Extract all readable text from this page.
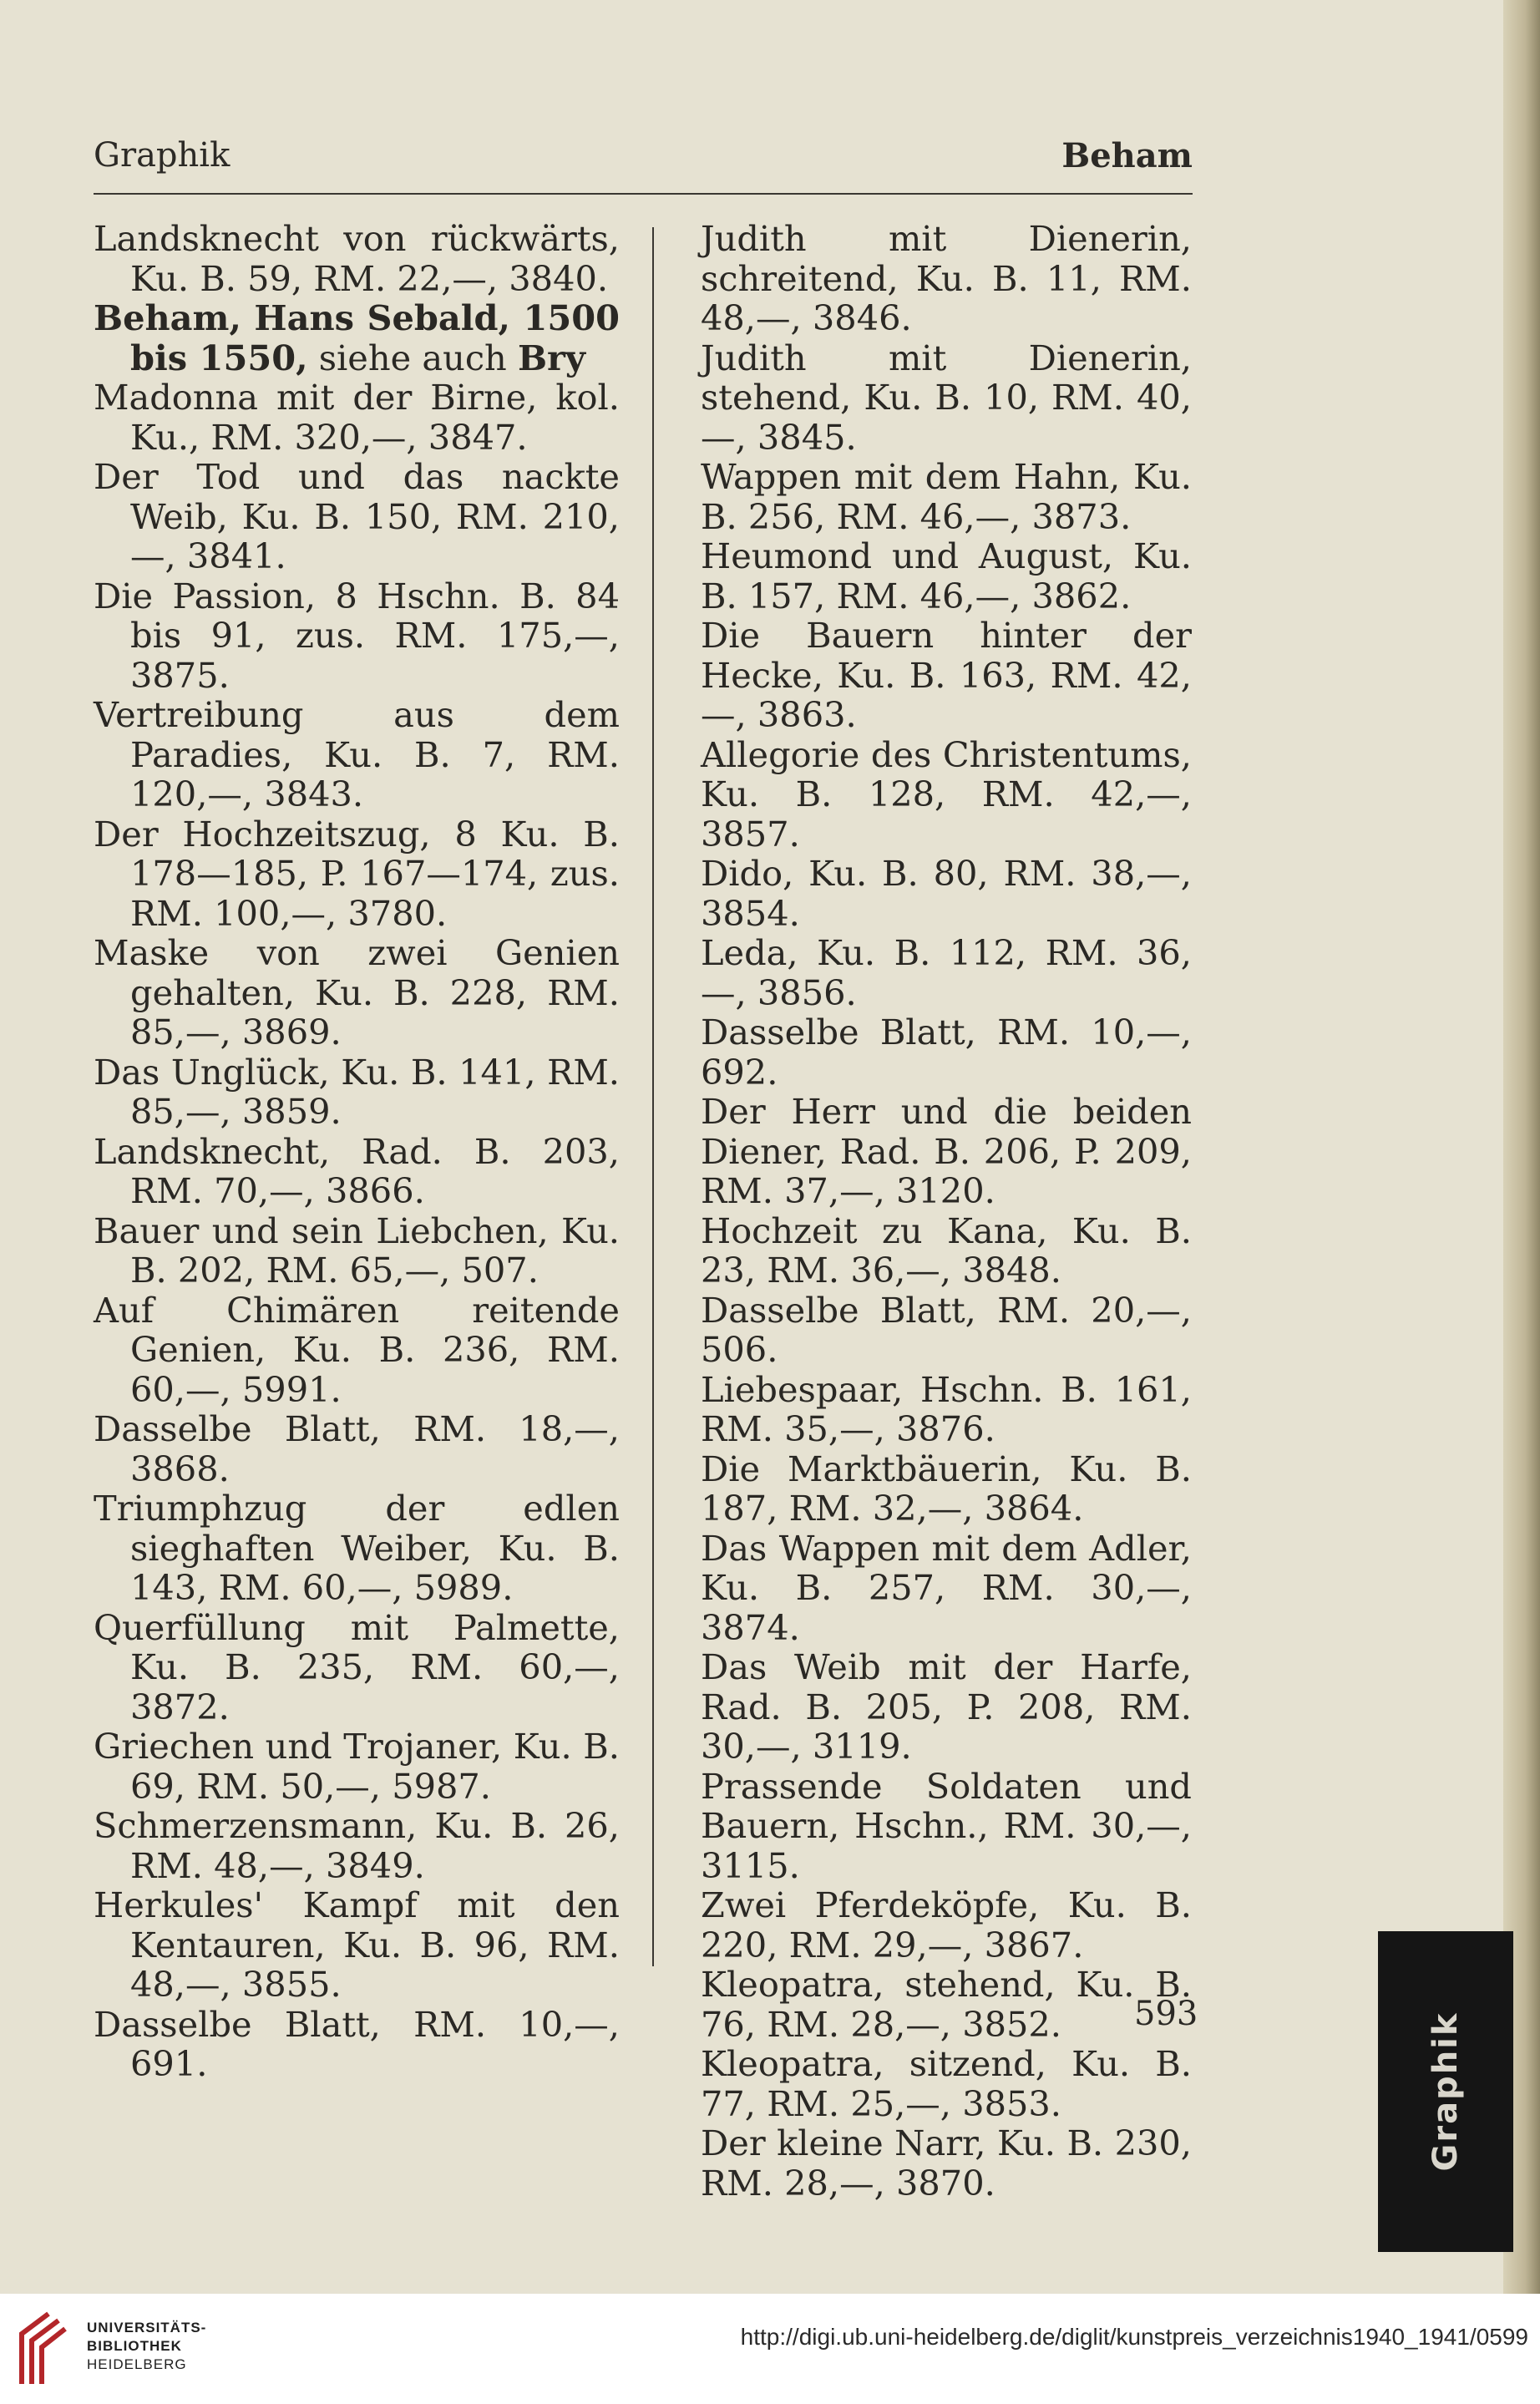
Graphik	Beham

Landsknecht von rückwärts, Ku. B. 59, RM. 22,—, 3840.

Beham, Hans Sebald, 1500 bis 1550, siehe auch Bry

Madonna mit der Birne, kol. Ku., RM. 320,—, 3847.

Der Tod und das nackte Weib, Ku. B. 150, RM. 210,—, 3841.

Die Passion, 8 Hschn. B. 84 bis 91, zus. RM. 175,—, 3875.

Vertreibung aus dem Paradies, Ku. B. 7, RM. 120,—, 3843.

Der Hochzeitszug, 8 Ku. B. 178—185, P. 167—174, zus. RM. 100,—, 3780.

Maske von zwei Genien gehalten, Ku. B. 228, RM. 85,—, 3869.

Das Unglück, Ku. B. 141, RM. 85,—, 3859.

Landsknecht, Rad. B. 203, RM. 70,—, 3866.

Bauer und sein Liebchen, Ku. B. 202, RM. 65,—, 507.

Auf Chimären reitende Genien, Ku. B. 236, RM. 60,—, 5991.

Dasselbe Blatt, RM. 18,—, 3868.

Triumphzug der edlen sieghaften Weiber, Ku. B. 143, RM. 60,—, 5989.

Querfüllung mit Palmette, Ku. B. 235, RM. 60,—, 3872.

Griechen und Trojaner, Ku. B. 69, RM. 50,—, 5987.

Schmerzensmann, Ku. B. 26, RM. 48,—, 3849.

Herkules' Kampf mit den Kentauren, Ku. B. 96, RM. 48,—, 3855.

Dasselbe Blatt, RM. 10,—, 691.

Judith mit Dienerin, schreitend, Ku. B. 11, RM. 48,—, 3846.

Judith mit Dienerin, stehend, Ku. B. 10, RM. 40,—, 3845.

Wappen mit dem Hahn, Ku. B. 256, RM. 46,—, 3873.

Heumond und August, Ku. B. 157, RM. 46,—, 3862.

Die Bauern hinter der Hecke, Ku. B. 163, RM. 42,—, 3863.

Allegorie des Christentums, Ku. B. 128, RM. 42,—, 3857.

Dido, Ku. B. 80, RM. 38,—, 3854.

Leda, Ku. B. 112, RM. 36,—, 3856.

Dasselbe Blatt, RM. 10,—, 692.

Der Herr und die beiden Diener, Rad. B. 206, P. 209, RM. 37,—, 3120.

Hochzeit zu Kana, Ku. B. 23, RM. 36,—, 3848.

Dasselbe Blatt, RM. 20,—, 506.

Liebespaar, Hschn. B. 161, RM. 35,—, 3876.

Die Marktbäuerin, Ku. B. 187, RM. 32,—, 3864.

Das Wappen mit dem Adler, Ku. B. 257, RM. 30,—, 3874.

Das Weib mit der Harfe, Rad. B. 205, P. 208, RM. 30,—, 3119.

Prassende Soldaten und Bauern, Hschn., RM. 30,—, 3115.

Zwei Pferdeköpfe, Ku. B. 220, RM. 29,—, 3867.

Kleopatra, stehend, Ku. B. 76, RM. 28,—, 3852.

Kleopatra, sitzend, Ku. B. 77, RM. 25,—, 3853.

Der kleine Narr, Ku. B. 230, RM. 28,—, 3870.

593	Graphik
UNIVERSITÄTS-
BIBLIOTHEK
HEIDELBERG
http://digi.ub.uni-heidelberg.de/diglit/kunstpreis_verzeichnis1940_1941/0599
